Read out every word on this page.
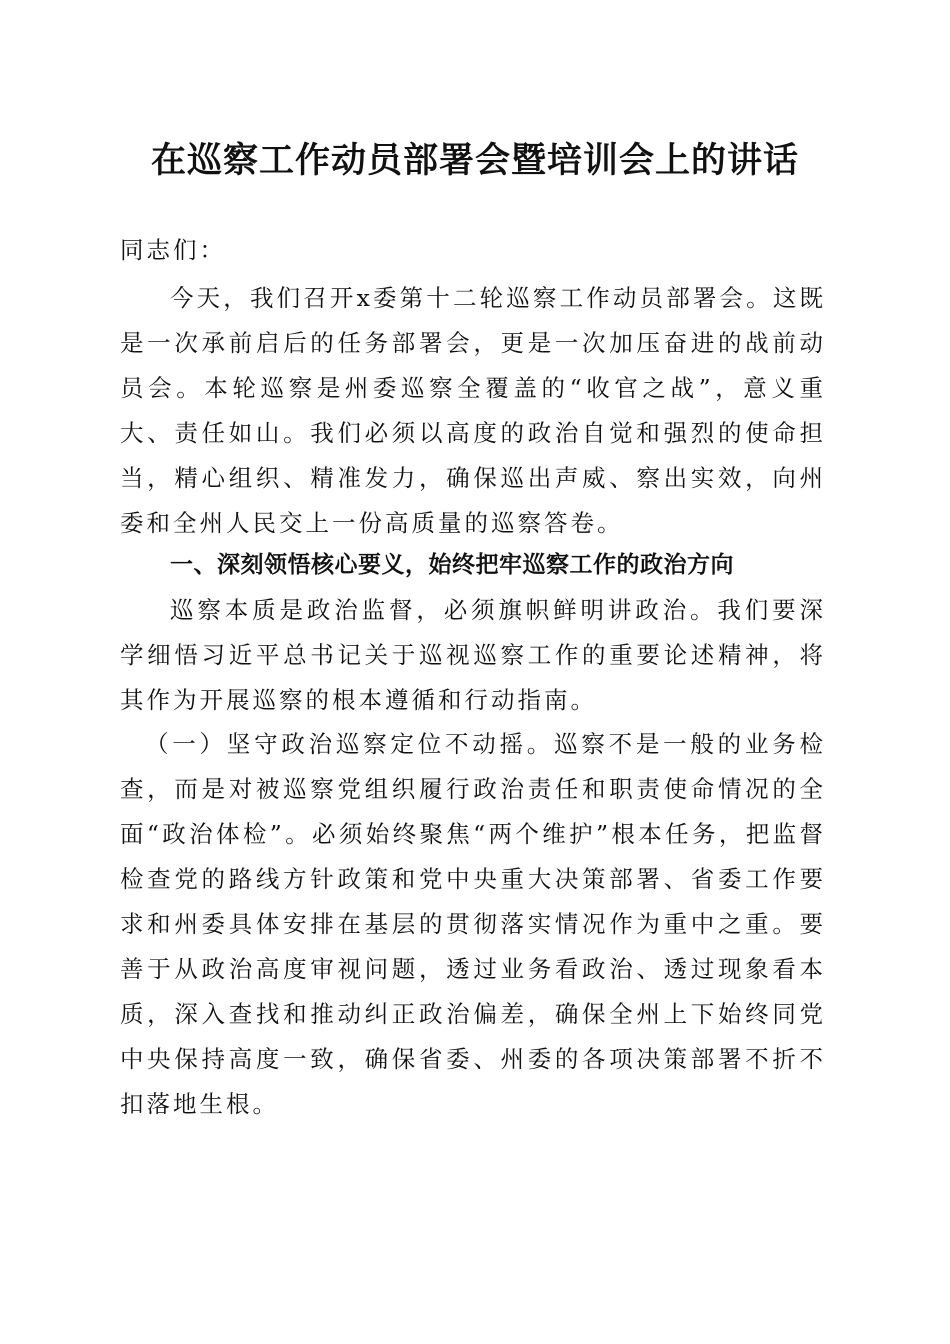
在巡察工作动员部署会暨培训会上的讲话
同志们：
今天，我们召开x委第十二轮巡察工作动员部署会。这既是一次承前启后的任务部署会，更是一次加压奋进的战前动员会。本轮巡察是州委巡察全覆盖的“收官之战”，意义重大、责任如山。我们必须以高度的政治自觉和强烈的使命担当，精心组织、精准发力，确保巡出声威、察出实效，向州委和全州人民交上一份高质量的巡察答卷。
一、深刻领悟核心要义，始终把牢巡察工作的政治方向
巡察本质是政治监督，必须旗帜鲜明讲政治。我们要深学细悟习近平总书记关于巡视巡察工作的重要论述精神，将其作为开展巡察的根本遵循和行动指南。
（一）坚守政治巡察定位不动摇。巡察不是一般的业务检查，而是对被巡察党组织履行政治责任和职责使命情况的全面“政治体检”。必须始终聚焦“两个维护”根本任务，把监督检查党的路线方针政策和党中央重大决策部署、省委工作要求和州委具体安排在基层的贯彻落实情况作为重中之重。要善于从政治高度审视问题，透过业务看政治、透过现象看本质，深入查找和推动纠正政治偏差，确保全州上下始终同党中央保持高度一致，确保省委、州委的各项决策部署不折不扣落地生根。
